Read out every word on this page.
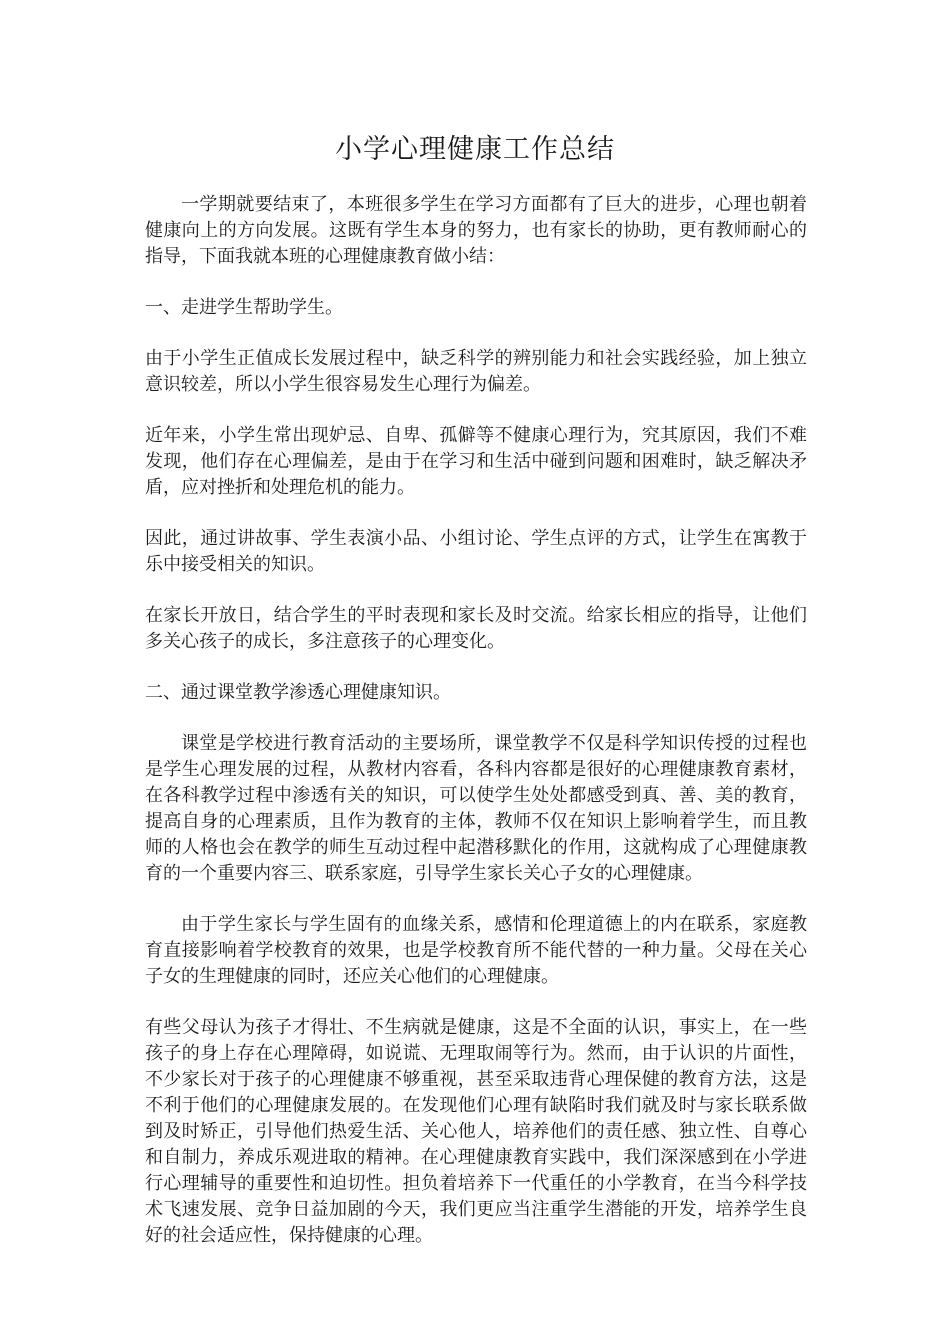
小学心理健康工作总结

一学期就要结束了，本班很多学生在学习方面都有了巨大的进步，心理也朝着健康向上的方向发展。这既有学生本身的努力，也有家长的协助，更有教师耐心的指导，下面我就本班的心理健康教育做小结：

一、走进学生帮助学生。

由于小学生正值成长发展过程中，缺乏科学的辨别能力和社会实践经验，加上独立意识较差，所以小学生很容易发生心理行为偏差。

近年来，小学生常出现妒忌、自卑、孤僻等不健康心理行为，究其原因，我们不难发现，他们存在心理偏差，是由于在学习和生活中碰到问题和困难时，缺乏解决矛盾，应对挫折和处理危机的能力。

因此，通过讲故事、学生表演小品、小组讨论、学生点评的方式，让学生在寓教于乐中接受相关的知识。

在家长开放日，结合学生的平时表现和家长及时交流。给家长相应的指导，让他们多关心孩子的成长，多注意孩子的心理变化。

二、通过课堂教学渗透心理健康知识。

课堂是学校进行教育活动的主要场所，课堂教学不仅是科学知识传授的过程也是学生心理发展的过程，从教材内容看，各科内容都是很好的心理健康教育素材，在各科教学过程中渗透有关的知识，可以使学生处处都感受到真、善、美的教育，提高自身的心理素质，且作为教育的主体，教师不仅在知识上影响着学生，而且教师的人格也会在教学的师生互动过程中起潜移默化的作用，这就构成了心理健康教育的一个重要内容三、联系家庭，引导学生家长关心子女的心理健康。

由于学生家长与学生固有的血缘关系，感情和伦理道德上的内在联系，家庭教育直接影响着学校教育的效果，也是学校教育所不能代替的一种力量。父母在关心子女的生理健康的同时，还应关心他们的心理健康。

有些父母认为孩子才得壮、不生病就是健康，这是不全面的认识，事实上，在一些孩子的身上存在心理障碍，如说谎、无理取闹等行为。然而，由于认识的片面性，不少家长对于孩子的心理健康不够重视，甚至采取违背心理保健的教育方法，这是不利于他们的心理健康发展的。在发现他们心理有缺陷时我们就及时与家长联系做到及时矫正，引导他们热爱生活、关心他人，培养他们的责任感、独立性、自尊心和自制力，养成乐观进取的精神。在心理健康教育实践中，我们深深感到在小学进行心理辅导的重要性和迫切性。担负着培养下一代重任的小学教育，在当今科学技术飞速发展、竞争日益加剧的今天，我们更应当注重学生潜能的开发，培养学生良好的社会适应性，保持健康的心理。
